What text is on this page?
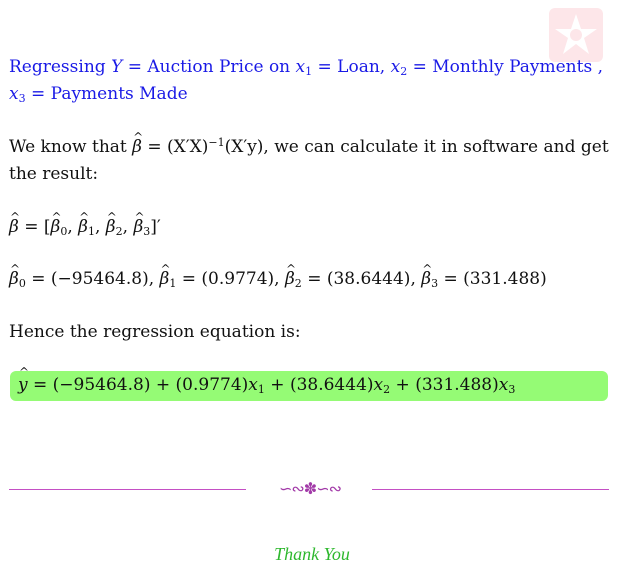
Regressing Y = Auction Price on $x_1$ = Loan, $x_2$ = Monthly Payments ,
$x_3$ = Payments Made
We know that ^ $\beta = (X'X)^{-1}(X'y)$, we can calculate it in software and get
the result:
^ β = [^ $\beta_0$, ^ $\beta_1$, ^ $\beta_2$, ^ $\beta_3]'$
^ $\beta_0 = (-95464.8)$, ^ $\beta_1 = (0.9774)$, ^ $\beta_2 = (38.6444)$, ^ $\beta_3 = (331.488)$
Hence the regression equation is:
^ $y = (-95464.8) + (0.9774)x_1 + (38.6444)x_2 + (331.488)x_3$
∽∾✽∽∾
Thank You
